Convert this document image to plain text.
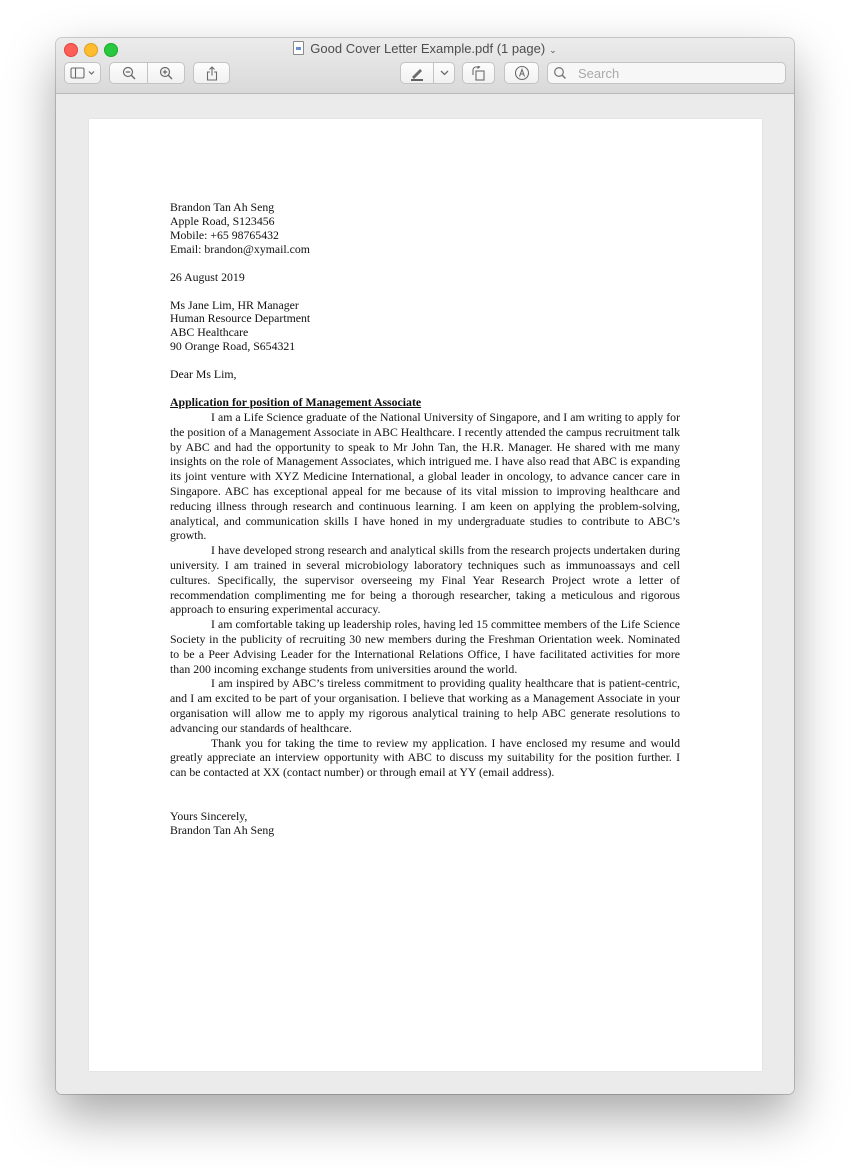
Good Cover Letter Example.pdf (1 page) ⌄
Search

Brandon Tan Ah Seng

Apple Road, S123456

Mobile: +65 98765432

Email: brandon@xymail.com

26 August 2019

Ms Jane Lim, HR Manager

Human Resource Department

ABC Healthcare

90 Orange Road, S654321

Dear Ms Lim,

Application for position of Management Associate

I am a Life Science graduate of the National University of Singapore, and I am writing to apply for the position of a Management Associate in ABC Healthcare. I recently attended the campus recruitment talk by ABC and had the opportunity to speak to Mr John Tan, the H.R. Manager. He shared with me many insights on the role of Management Associates, which intrigued me. I have also read that ABC is expanding its joint venture with XYZ Medicine International, a global leader in oncology, to advance cancer care in Singapore. ABC has exceptional appeal for me because of its vital mission to improving healthcare and reducing illness through research and continuous learning. I am keen on applying the problem-solving, analytical, and communication skills I have honed in my undergraduate studies to contribute to ABC’s growth.

I have developed strong research and analytical skills from the research projects undertaken during university. I am trained in several microbiology laboratory techniques such as immunoassays and cell cultures. Specifically, the supervisor overseeing my Final Year Research Project wrote a letter of recommendation complimenting me for being a thorough researcher, taking a meticulous and rigorous approach to ensuring experimental accuracy.

I am comfortable taking up leadership roles, having led 15 committee members of the Life Science Society in the publicity of recruiting 30 new members during the Freshman Orientation week. Nominated to be a Peer Advising Leader for the International Relations Office, I have facilitated activities for more than 200 incoming exchange students from universities around the world.

I am inspired by ABC’s tireless commitment to providing quality healthcare that is patient-centric, and I am excited to be part of your organisation. I believe that working as a Management Associate in your organisation will allow me to apply my rigorous analytical training to help ABC generate resolutions to advancing our standards of healthcare.

Thank you for taking the time to review my application. I have enclosed my resume and would greatly appreciate an interview opportunity with ABC to discuss my suitability for the position further. I can be contacted at XX (contact number) or through email at YY (email address).

Yours Sincerely,

Brandon Tan Ah Seng
